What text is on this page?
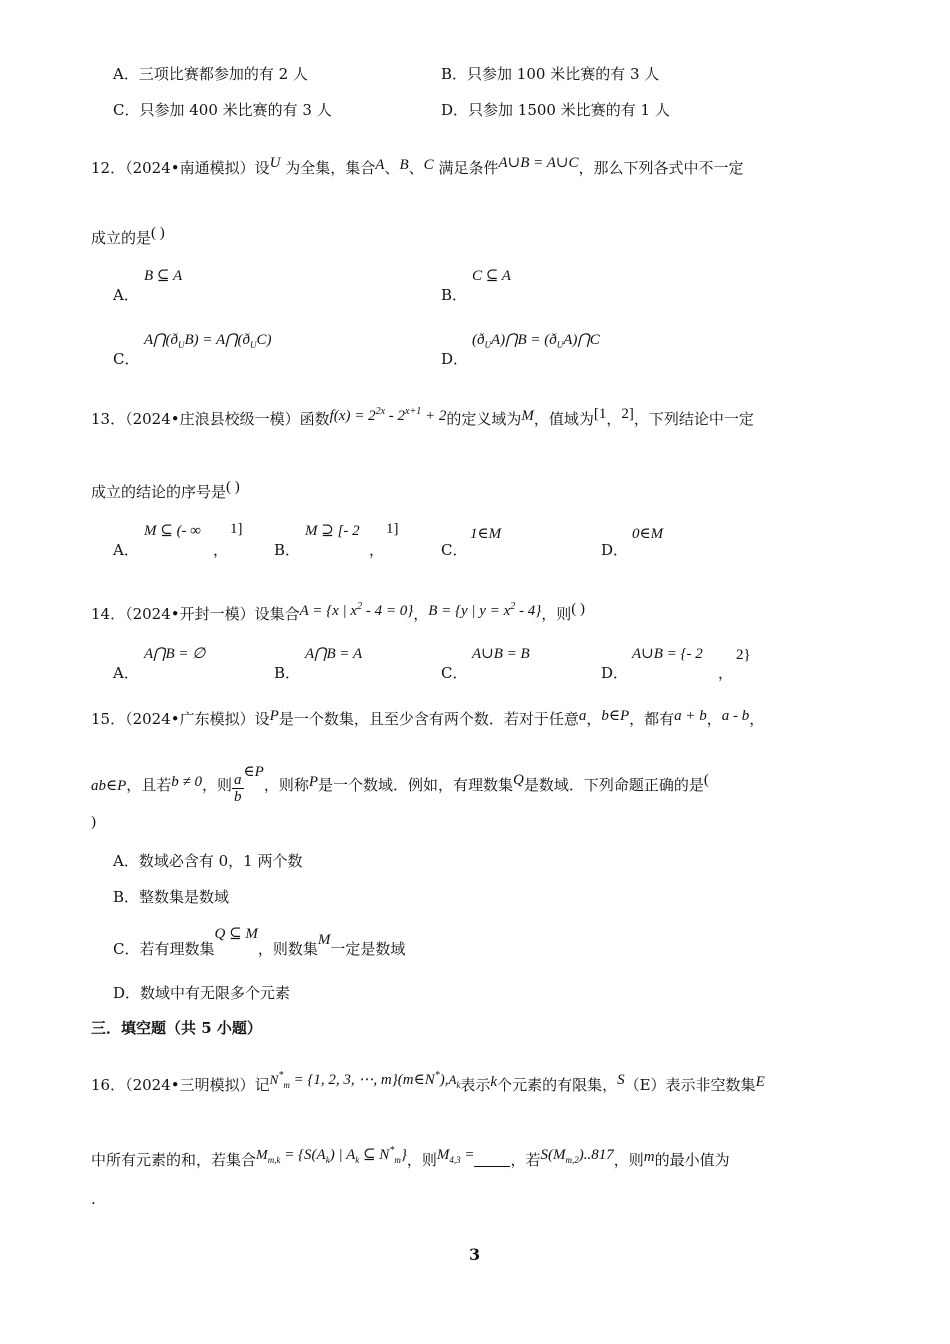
A．三项比赛都参加的有 2 人	B．只参加 100 米比赛的有 3 人
C．只参加 400 米比赛的有 3 人	D．只参加 1500 米比赛的有 1 人
12．（2024•南通模拟）设U 为全集，集合A、B、C 满足条件A∪B = A∪C，那么下列各式中不一定
成立的是( )
A．
B ⊆ A
B．
C ⊆ A
C．
$A⋂(ð_UB)$ = $A⋂(ð_UC)$
D．
$(ð_UA)⋂B$ = $(ð_UA)⋂C$
13．（2024•庄浪县校级一模）函数$f(x) = 2^{2x} - 2^{x+1} + 2$的定义域为M，值域为[1，2]，下列结论中一定
成立的结论的序号是( )
A．
M ⊆ (- ∞
，
1]
B．
M ⊇ [- 2
，
1]
C．
1∈M
D．
0∈M
14．（2024•开封一模）设集合A = {x | $x^2 - 4 = 0$}，B = {y | $y = x^2 - 4$}，则( )
A．
A⋂B = ∅
B．
A⋂B = A
C．
A∪B = B
D．
A∪B = {- 2
，
2}
15．（2024•广东模拟）设P是一个数集，且至少含有两个数．若对于任意a，b∈P，都有a + b，a - b，
ab∈P，且若b ≠ 0，则 $\frac{a}{b}$ ∈P，则称P是一个数域．例如，有理数集Q是数域．下列命题正确的是(
)
A．数域必含有 0，1 两个数
B．整数集是数域
C．若有理数集Q ⊆ M，则数集M一定是数域
D．数域中有无限多个元素
三．填空题（共 5 小题）
16．（2024•三明模拟）记$N^*_m = \{1$, 2, 3, ⋯, $m\}(m\in N^*),A_k$表示k个元素的有限集，S（E）表示非空数集E
中所有元素的和，若集合$M_{m,k} = \{S(A_k)$ | $A_k$ ⊆ $N^*_m$}，则$M_{4,3}$ = ，若$S(M_{m,2})..817$，则m的最小值为
.
3
